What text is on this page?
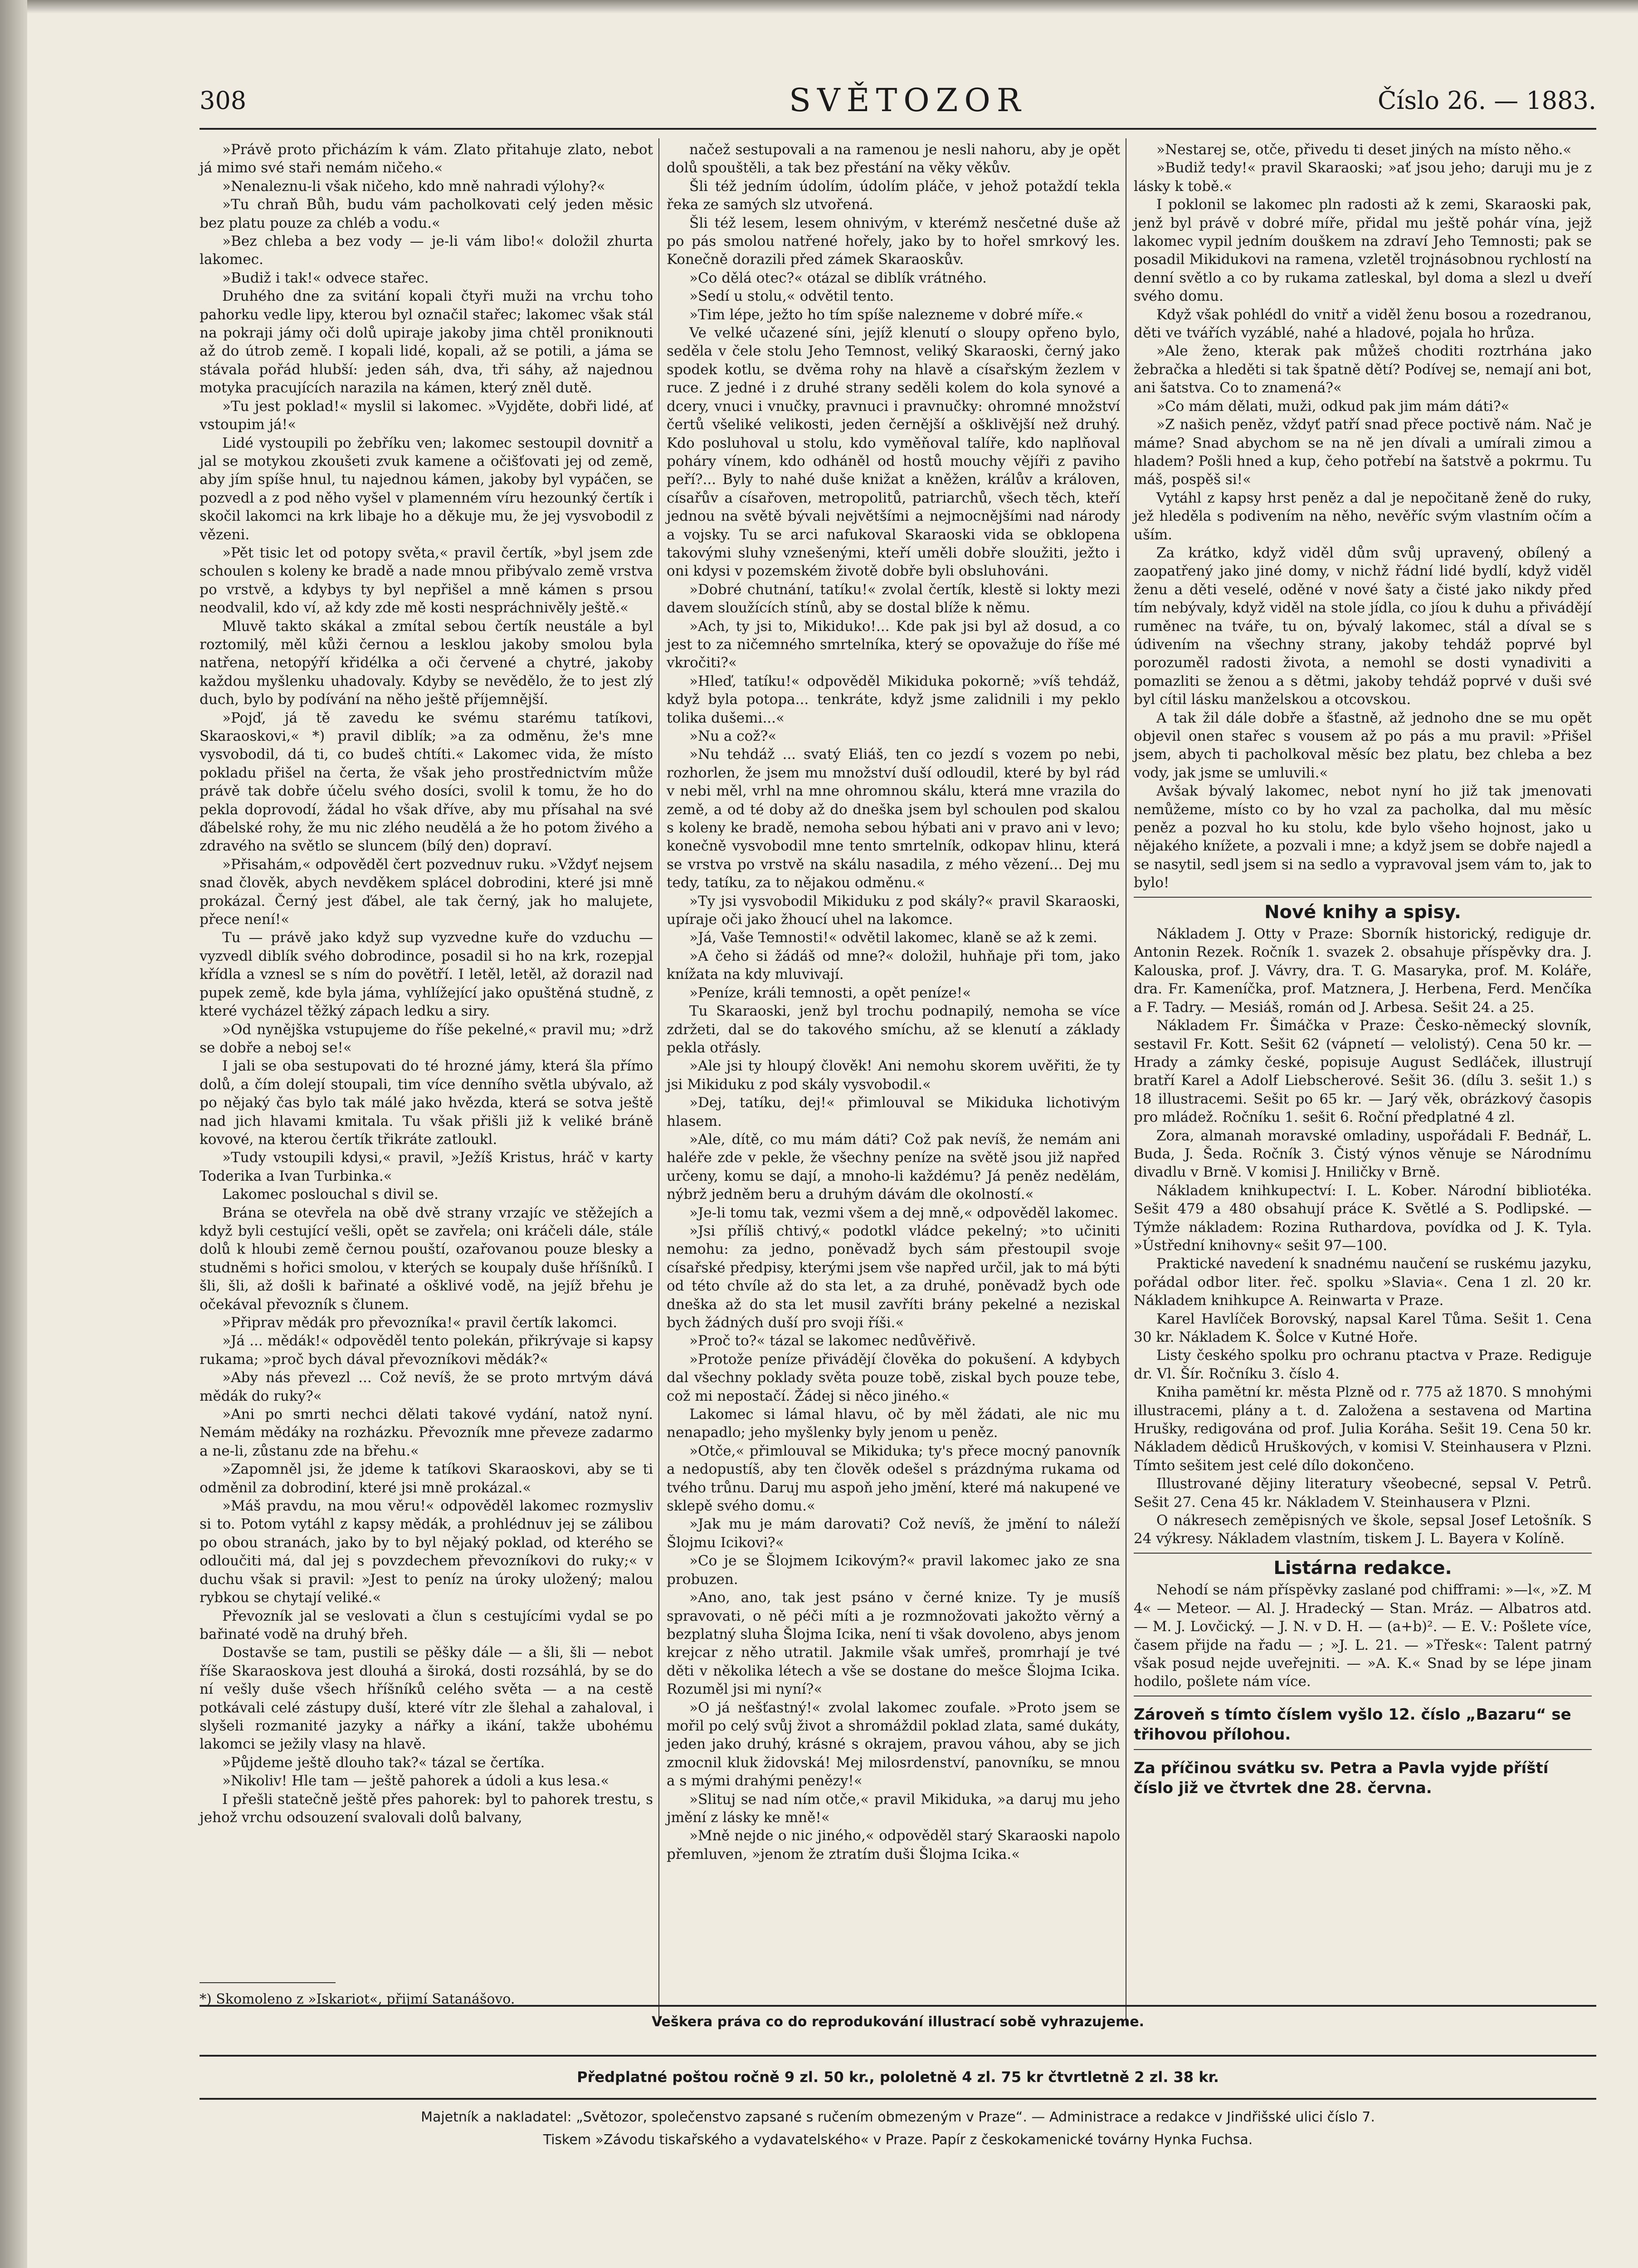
308	SVĚTOZOR	Číslo 26. — 1883.

»Právě proto přicházím k vám. Zlato přitahuje zlato, nebot já mimo své staři nemám ničeho.«

»Nenaleznu-li však ničeho, kdo mně nahradi výlohy?«

»Tu chraň Bůh, budu vám pacholkovati celý jeden měsic bez platu pouze za chléb a vodu.«

»Bez chleba a bez vody — je-li vám libo!« doložil zhurta lakomec.

»Budiž i tak!« odvece stařec.

Druhého dne za svitání kopali čtyři muži na vrchu toho pahorku vedle lipy, kterou byl označil stařec; lakomec však stál na pokraji jámy oči dolů upiraje jakoby jimа chtěl proniknouti až do útrob země. I kopali lidé, kopali, až se potili, a jáma se stávala pořád hlubší: jeden sáh, dva, tři sáhy, až najednou motyka pracujících narazila na kámen, který zněl dutě.

»Tu jest poklad!« myslil si lakomec. »Vyjděte, dobři lidé, ať vstoupim já!«

Lidé vystoupili po žebříku ven; lakomec sestoupil dovnitř a jal se motykou zkoušeti zvuk kamene a očišťovati jej od země, aby jím spíše hnul, tu najednou kámen, jakoby byl vypáčen, se pozvedl a z pod něho vyšel v plamenném víru hezounký čertík i skočil lakomci na krk libaje ho a děkuje mu, že jej vysvobodil z vězeni.

»Pět tisic let od potopy světa,« pravil čertík, »byl jsem zde schoulen s koleny ke bradě a nade mnou přibývalo země vrstva po vrstvě, a kdybys ty byl nepřišel a mně kámen s prsou neodvalil, kdo ví, až kdy zde mě kosti nespráchnivěly ještě.«

Mluvě takto skákal a zmítal sebou čertík neustále a byl roztomilý, měl kůži černou a lesklou jakoby smolou byla natřena, netopýří křidélka a oči červené a chytré, jakoby každou myšlenku uhadovaly. Kdyby se nevědělo, že to jest zlý duch, bylo by podívání na něho ještě příjemnější.

»Pojď, já tě zavedu ke svému starému tatíkovi, Skaraoskovi,« *) pravil diblík; »a za odměnu, že's mne vysvobodil, dá ti, co budeš chtíti.« Lakomec vida, že místo pokladu přišel na čerta, že však jeho prostřednictvím může právě tak dobře účelu svého dosíci, svolil k tomu, že ho do pekla doprovodí, žádal ho však dříve, aby mu přísahal na své ďábelské rohy, že mu nic zlého neudělá a že ho potom živého a zdravého na světlo se sluncem (bílý den) dopraví.

»Přisahám,« odpověděl čert pozvednuv ruku. »Vždyť nejsem snad člověk, abych nevděkem splácel dobrodini, které jsi mně prokázal. Černý jest ďábel, ale tak černý, jak ho malujete, přece není!«

Tu — právě jako když sup vyzvedne kuře do vzduchu — vyzvedl diblík svého dobrodince, posadil si ho na krk, rozepjal křídla a vznesl se s ním do povětří. I letěl, letěl, až dorazil nad pupek země, kde byla jáma, vyhlížející jako opuštěná studně, z které vycházel těžký zápach ledku a siry.

»Od nynějška vstupujeme do říše pekelné,« pravil mu; »drž se dobře a neboj se!«

I jali se oba sestupovati do té hrozné jámy, která šla přímo dolů, a čím dolejí stoupali, tim více denního světla ubývalo, až po nějaký čas bylo tak málé jako hvězda, která se sotva ještě nad jich hlavami kmitala. Tu však přišli již k veliké bráně kovové, na kterou čertík třikráte zatloukl.

»Tudy vstoupili kdysi,« pravil, »Ježíš Kristus, hráč v karty Toderika a Ivan Turbinka.«

Lakomec poslouchal s divil se.

Brána se otevřela na obě dvě strany vrzajíc ve stěžejích a když byli cestující vešli, opět se zavřela; oni kráčeli dále, stále dolů k hloubi země černou pouští, ozařovanou pouze blesky a studněmi s hořici smolou, v kterých se koupaly duše hříšníků. I šli, šli, až došli k bařinaté a ošklivé vodě, na jejíž břehu je očekával převozník s člunem.

»Připrav mědák pro převozníka!« pravil čertík lakomci.

»Já ... mědák!« odpověděl tento polekán, přikrývaje si kapsy rukama; »proč bych dával převozníkovi mědák?«

»Aby nás převezl ... Což nevíš, že se proto mrtvým dává mědák do ruky?«

»Ani po smrti nechci dělati takové vydání, natož nyní. Nemám mědáky na rozházku. Převozník mne převeze zadarmo a ne-li, zůstanu zde na břehu.«

»Zapomněl jsi, že jdeme k tatíkovi Skaraoskovi, aby se ti odměnil za dobrodiní, které jsi mně prokázal.«

»Máš pravdu, na mou věru!« odpověděl lakomec rozmysliv si to. Potom vytáhl z kapsy mědák, a prohlédnuv jej se zálibou po obou stranách, jako by to byl nějaký poklad, od kterého se odloučiti má, dal jej s povzdechem převozníkovi do ruky;« v duchu však si pravil: »Jest to peníz na úroky uložený; malou rybkou se chytají veliké.«

Převozník jal se veslovati a člun s cestujícími vydal se po bařinaté vodě na druhý břeh.

Dostavše se tam, pustili se pěšky dále — a šli, šli — nebot říše Skaraoskova jest dlouhá a široká, dosti rozsáhlá, by se do ní vešly duše všech hříšníků celého světa — a na cestě potkávali celé zástupy duší, které vítr zle šlehal a zahaloval, i slyšeli rozmanité jazyky a nářky a ikání, takže ubohému lakomci se ježily vlasy na hlavě.

»Půjdeme ještě dlouho tak?« tázal se čertíka.

»Nikoliv! Hle tam — ještě pahorek a údoli a kus lesa.«

I přešli statečně ještě přes pahorek: byl to pahorek trestu, s jehož vrchu odsouzení svalovali dolů balvany,

*) Skomoleno z »Iskariot«, přijmí Satanášovo.

načež sestupovali a na ramenou je nesli nahoru, aby je opět dolů spouštěli, a tak bez přestání na věky věkův.

Šli též jedním údolím, údolím pláče, v jehož potaždí tekla řeka ze samých slz utvořená.

Šli též lesem, lesem ohnivým, v kterémž nesčetné duše až po pás smolou natřené hořely, jako by to hořel smrkový les. Konečně dorazili před zámek Skaraoskův.

»Co dělá otec?« otázal se diblík vrátného.

»Sedí u stolu,« odvětil tento.

»Tim lépe, ježto ho tím spíše nalezneme v dobré míře.«

Ve velké učazené síni, jejíž klenutí o sloupy opřeno bylo, seděla v čele stolu Jeho Temnost, veliký Skaraoski, černý jako spodek kotlu, se dvěma rohy na hlavě a císařským žezlem v ruce. Z jedné i z druhé strany seděli kolem do kola synové a dcery, vnuci i vnučky, pravnuci i pravnučky: ohromné množství čertů všeliké velikosti, jeden černější a ošklivější než druhý. Kdo posluhoval u stolu, kdo vyměňoval talíře, kdo naplňoval poháry vínem, kdo odháněl od hostů mouchy vějíři z paviho peří?... Byly to nahé duše knižat a kněžen, králův a královen, císařův a císařoven, metropolitů, patriarchů, všech těch, kteří jednou na světě bývali největšími a nejmocnějšími nad národy a vojsky. Tu se arci nafukoval Skaraoski vida se obklopena takovými sluhy vznešenými, kteří uměli dobře sloužiti, ježto i oni kdysi v pozemském životě dobře byli obsluhováni.

»Dobré chutnání, tatíku!« zvolal čertík, klestě si lokty mezi davem sloužících stínů, aby se dostal blíže k němu.

»Ach, ty jsi to, Mikiduko!... Kde pak jsi byl až dosud, a co jest to za ničemného smrtelníka, který se opovažuje do říše mé vkročiti?«

»Hleď, tatíku!« odpověděl Mikiduka pokorně; »víš tehdáž, když byla potopa... tenkráte, když jsme zalidnili i my peklo tolika dušemi...«

»Nu a což?«

»Nu tehdáž ... svatý Eliáš, ten co jezdí s vozem po nebi, rozhorlen, že jsem mu množství duší odloudil, které by byl rád v nebi měl, vrhl na mne ohromnou skálu, která mne vrazila do země, a od té doby až do dneška jsem byl schoulen pod skalou s koleny ke bradě, nemoha sebou hýbati ani v pravo ani v levo; konečně vysvobodil mne tento smrtelník, odkopav hlinu, která se vrstva po vrstvě na skálu nasadila, z mého vězení... Dej mu tedy, tatíku, za to nějakou odměnu.«

»Ty jsi vysvobodil Mikiduku z pod skály?« pravil Skaraoski, upíraje oči jako žhoucí uhel na lakomce.

»Já, Vaše Temnosti!« odvětil lakomec, klaně se až k zemi.

»A čeho si žádáš od mne?« doložil, huhňaje při tom, jako knížata na kdy mluvivají.

»Peníze, králi temnosti, a opět peníze!«

Tu Skaraoski, jenž byl trochu podnapilý, nemoha se více zdržeti, dal se do takového smíchu, až se klenutí a základy pekla otřásly.

»Ale jsi ty hloupý člověk! Ani nemohu skorem uvěřiti, že ty jsi Mikiduku z pod skály vysvobodil.«

»Dej, tatíku, dej!« přimlouval se Mikiduka lichotivým hlasem.

»Ale, dítě, co mu mám dáti? Což pak nevíš, že nemám ani haléře zde v pekle, že všechny peníze na světě jsou již napřed určeny, komu se dají, a mnoho-li každému? Já peněz nedělám, nýbrž jedněm beru a druhým dávám dle okolností.«

»Je-li tomu tak, vezmi všem a dej mně,« odpověděl lakomec.

»Jsi příliš chtivý,« podotkl vládce pekelný; »to učiniti nemohu: za jedno, poněvadž bych sám přestoupil svoje císařské předpisy, kterými jsem vše napřed určil, jak to má býti od této chvíle až do sta let, a za druhé, poněvadž bych ode dneška až do sta let musil zavříti brány pekelné a neziskal bych žádných duší pro svoji říši.«

»Proč to?« tázal se lakomec nedůvěřivě.

»Protože peníze přivádějí člověka do pokušení. A kdybych dal všechny poklady světa pouze tobě, ziskal bych pouze tebe, což mi nepostačí. Žádej si něco jiného.«

Lakomec si lámal hlavu, oč by měl žádati, ale nic mu nenapadlo; jeho myšlenky byly jenom u peněz.

»Otče,« přimlouval se Mikiduka; ty's přece mocný panovník a nedopustíš, aby ten člověk odešel s prázdnýma rukama od tvého trůnu. Daruj mu aspoň jeho jmění, které má nakupené ve sklepě svého domu.«

»Jak mu je mám darovati? Což nevíš, že jmění to náleží Šlojmu Icikovi?«

»Co je se Šlojmem Icikovým?« pravil lakomec jako ze sna probuzen.

»Ano, ano, tak jest psáno v černé knize. Ty je musíš spravovati, o ně péči míti a je rozmnožovati jakožto věrný a bezplatný sluha Šlojma Icika, není ti však dovoleno, abys jenom krejcar z něho utratil. Jakmile však umřeš, promrhají je tvé děti v několika létech a vše se dostane do mešce Šlojma Icika. Rozuměl jsi mi nyní?«

»O já nešťastný!« zvolal lakomec zoufale. »Proto jsem se mořil po celý svůj život a shromáždil poklad zlata, samé dukáty, jeden jako druhý, krásné s okrajem, pravou váhou, aby se jich zmocnil kluk židovská! Mej milosrdenství, panovníku, se mnou a s mými drahými penězy!«

»Slituj se nad ním otče,« pravil Mikiduka, »a daruj mu jeho jmění z lásky ke mně!«

»Mně nejde o nic jiného,« odpověděl starý Skaraoski napolo přemluven, »jenom že ztratím duši Šlojma Icika.«

»Nestarej se, otče, přivedu ti deset jiných na místo něho.«

»Budiž tedy!« pravil Skaraoski; »ať jsou jeho; daruji mu je z lásky k tobě.«

I poklonil se lakomec pln radosti až k zemi, Skaraoski pak, jenž byl právě v dobré míře, přidal mu ještě pohár vína, jejž lakomec vypil jedním douškem na zdraví Jeho Temnosti; pak se posadil Mikidukovi na ramena, vzletěl trojnásobnou rychlostí na denní světlo a co by rukama zatleskal, byl doma a slezl u dveří svého domu.

Když však pohlédl do vnitř a viděl ženu bosou a rozedranou, děti ve tvářích vyzáblé, nahé a hladové, pojala ho hrůza.

»Ale ženo, kterak pak můžeš choditi roztrhána jako žebračka a hleděti si tak špatně dětí? Podívej se, nemají ani bot, ani šatstva. Co to znamená?«

»Co mám dělati, muži, odkud pak jim mám dáti?«

»Z našich peněz, vždyť patří snad přece poctivě nám. Nač je máme? Snad abychom se na ně jen dívali a umírali zimou a hladem? Pošli hned a kup, čeho potřebí na šatstvě a pokrmu. Tu máš, pospěš si!«

Vytáhl z kapsy hrst peněz a dal je nepočitaně ženě do ruky, jež hleděla s podivením na něho, nevěříc svým vlastním očím a uším.

Za krátko, když viděl dům svůj upravený, obílený a zaopatřený jako jiné domy, v nichž řádní lidé bydlí, když viděl ženu a děti veselé, oděné v nové šaty a čisté jako nikdy před tím nebývaly, když viděl na stole jídla, co jíou k duhu a přivádějí ruměnec na tváře, tu on, bývalý lakomec, stál a díval se s údivením na všechny strany, jakoby tehdáž poprvé byl porozuměl radosti života, a nemohl se dosti vynadiviti a pomazliti se ženou a s dětmi, jakoby tehdáž poprvé v duši své byl cítil lásku manželskou a otcovskou.

A tak žil dále dobře a šťastně, až jednoho dne se mu opět objevil onen stařec s vousem až po pás a mu pravil: »Přišel jsem, abych ti pacholkoval měsíc bez platu, bez chleba a bez vody, jak jsme se umluvili.«

Avšak bývalý lakomec, nebot nyní ho již tak jmenovati nemůžeme, místo co by ho vzal za pacholka, dal mu měsíc peněz a pozval ho ku stolu, kde bylo všeho hojnost, jako u nějakého knížete, a pozvali i mne; a když jsem se dobře najedl a se nasytil, sedl jsem si na sedlo a vypravoval jsem vám to, jak to bylo!

Nové knihy a spisy.

Nákladem J. Otty v Praze: Sborník historický, rediguje dr. Antonin Rezek. Ročník 1. svazek 2. obsahuje příspěvky dra. J. Kalouska, prof. J. Vávry, dra. T. G. Masaryka, prof. M. Koláře, dra. Fr. Kameníčka, prof. Matznera, J. Herbena, Ferd. Menčíka a F. Tadry. — Mesiáš, román od J. Arbesa. Sešit 24. a 25.

Nákladem Fr. Šimáčka v Praze: Česko-německý slovník, sestavil Fr. Kott. Sešit 62 (vápnetí — velolistý). Cena 50 kr. — Hrady a zámky české, popisuje August Sedláček, illustrují bratří Karel a Adolf Liebscherové. Sešit 36. (dílu 3. sešit 1.) s 18 illustracemi. Sešit po 65 kr. — Jarý věk, obrázkový časopis pro mládež. Ročníku 1. sešit 6. Roční předplatné 4 zl.

Zora, almanah moravské omladiny, uspořádali F. Bednář, L. Buda, J. Šeda. Ročník 3. Čistý výnos věnuje se Národnímu divadlu v Brně. V komisi J. Hniličky v Brně.

Nákladem knihkupectví: I. L. Kober. Národní bibliotéka. Sešit 479 a 480 obsahují práce K. Světlé a S. Podlipské. — Týmže nákladem: Rozina Ruthardova, povídka od J. K. Tyla. »Ústřední knihovny« sešit 97—100.

Praktické navedení k snadnému naučení se ruskému jazyku, pořádal odbor liter. řeč. spolku »Slavia«. Cena 1 zl. 20 kr. Nákladem knihkupce A. Reinwarta v Praze.

Karel Havlíček Borovský, napsal Karel Tůma. Sešit 1. Cena 30 kr. Nákladem K. Šolce v Kutné Hoře.

Listy českého spolku pro ochranu ptactva v Praze. Rediguje dr. Vl. Šír. Ročníku 3. číslo 4.

Kniha pamětní kr. města Plzně od r. 775 až 1870. S mnohými illustracemi, plány a t. d. Založena a sestavena od Martina Hrušky, redigována od prof. Julia Koráha. Sešit 19. Cena 50 kr. Nákladem dědiců Hruškových, v komisi V. Steinhausera v Plzni. Tímto sešitem jest celé dílo dokončeno.

Illustrované dějiny literatury všeobecné, sepsal V. Petrů. Sešit 27. Cena 45 kr. Nákladem V. Steinhausera v Plzni.

O nákresech zeměpisných ve škole, sepsal Josef Letošník. S 24 výkresy. Nákladem vlastním, tiskem J. L. Bayera v Kolíně.

Listárna redakce.

Nehodí se nám příspěvky zaslané pod chifframi: »—l«, »Z. M 4« — Meteor. — Al. J. Hradecký — Stan. Mráz. — Albatros atd. — M. J. Lovčický. — J. N. v D. H. — (a+b)². — E. V.: Pošlete více, časem přijde na řadu — ; »J. L. 21. — »Třesk«: Talent patrný však posud nejde uveřejniti. — »A. K.« Snad by se lépe jinam hodilo, pošlete nám více.

Zároveň s tímto číslem vyšlo 12. číslo „Bazaru“ se třihovou přílohou.
Za příčinou svátku sv. Petra a Pavla vyjde příští číslo již ve čtvrtek dne 28. června.
Veškera práva co do reprodukování illustrací sobě vyhrazujeme.
Předplatné poštou ročně 9 zl. 50 kr., pololetně 4 zl. 75 kr čtvrtletně 2 zl. 38 kr.
Majetník a nakladatel: „Světozor, společenstvo zapsané s ručením obmezeným v Praze“. — Administrace a redakce v Jindřišské ulici číslo 7.
Tiskem »Závodu tiskařského a vydavatelského« v Praze. Papír z českokamenické továrny Hynka Fuchsa.
